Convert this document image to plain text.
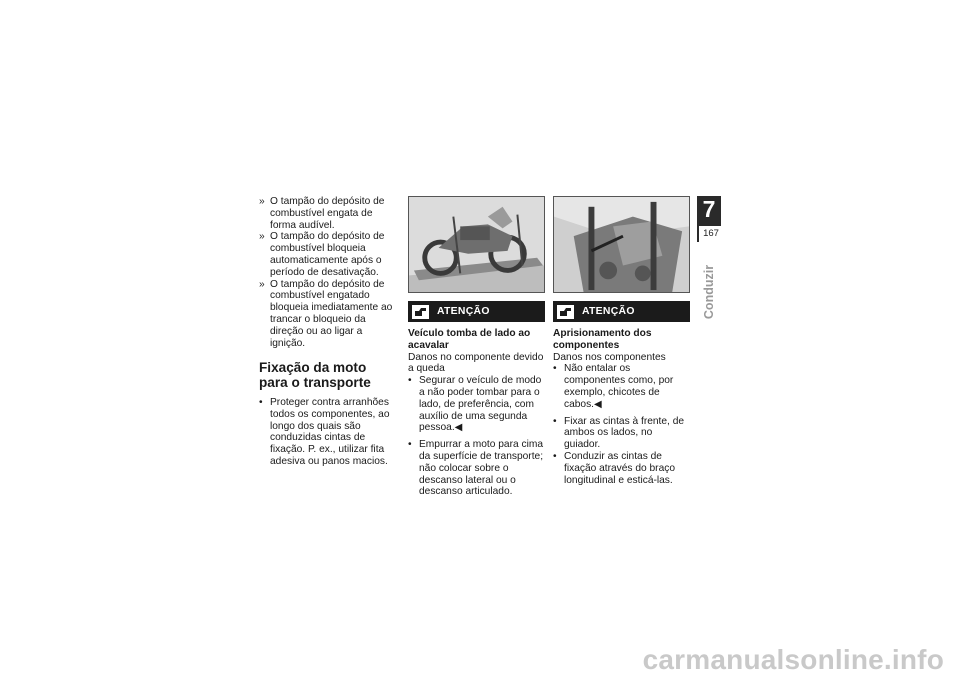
» O tampão do depósito de combustível engata de forma audível.

» O tampão do depósito de combustível bloqueia automaticamente após o período de desativação.

» O tampão do depósito de combustível engatado bloqueia imediatamente ao trancar o bloqueio da direção ou ao ligar a ignição.

Fixação da moto para o transporte

• Proteger contra arranhões todos os componentes, ao longo dos quais são conduzidas cintas de fixação. P. ex., utilizar fita adesiva ou panos macios.

ATENÇÃO
Veículo tomba de lado ao acavalar
Danos no componente devido a queda

• Segurar o veículo de modo a não poder tombar para o lado, de preferência, com auxílio de uma segunda pessoa.◀

• Empurrar a moto para cima da superfície de transporte; não colocar sobre o descanso lateral ou o descanso articulado.

ATENÇÃO
Aprisionamento dos componentes
Danos nos componentes

• Não entalar os componentes como, por exemplo, chicotes de cabos.◀

• Fixar as cintas à frente, de ambos os lados, no guiador.

• Conduzir as cintas de fixação através do braço longitudinal e esticá-las.

7
167
Conduzir
carmanualsonline.info
